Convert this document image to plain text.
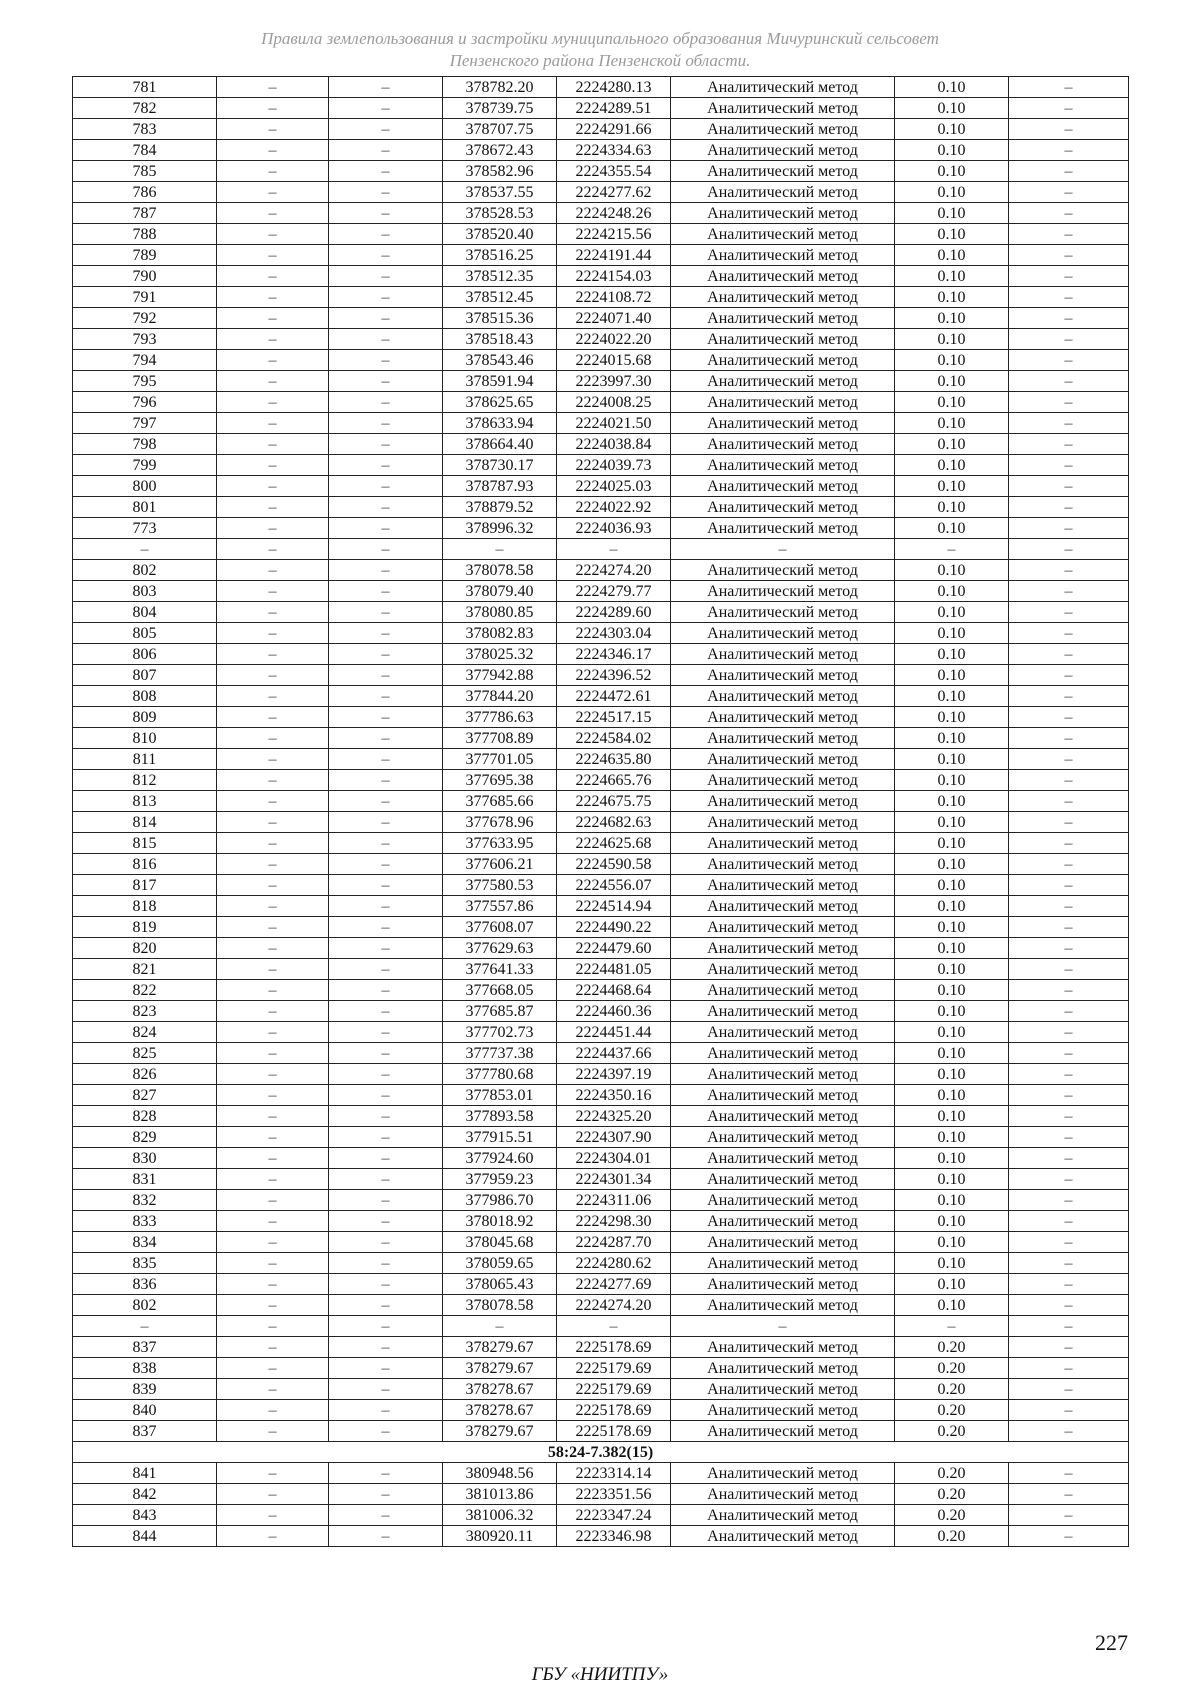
Правила землепользования и застройки муниципального образования Мичуринский сельсовет
Пензенского района Пензенской области.
781	–	–	378782.20	2224280.13	Аналитический метод	0.10	–
782	–	–	378739.75	2224289.51	Аналитический метод	0.10	–
783	–	–	378707.75	2224291.66	Аналитический метод	0.10	–
784	–	–	378672.43	2224334.63	Аналитический метод	0.10	–
785	–	–	378582.96	2224355.54	Аналитический метод	0.10	–
786	–	–	378537.55	2224277.62	Аналитический метод	0.10	–
787	–	–	378528.53	2224248.26	Аналитический метод	0.10	–
788	–	–	378520.40	2224215.56	Аналитический метод	0.10	–
789	–	–	378516.25	2224191.44	Аналитический метод	0.10	–
790	–	–	378512.35	2224154.03	Аналитический метод	0.10	–
791	–	–	378512.45	2224108.72	Аналитический метод	0.10	–
792	–	–	378515.36	2224071.40	Аналитический метод	0.10	–
793	–	–	378518.43	2224022.20	Аналитический метод	0.10	–
794	–	–	378543.46	2224015.68	Аналитический метод	0.10	–
795	–	–	378591.94	2223997.30	Аналитический метод	0.10	–
796	–	–	378625.65	2224008.25	Аналитический метод	0.10	–
797	–	–	378633.94	2224021.50	Аналитический метод	0.10	–
798	–	–	378664.40	2224038.84	Аналитический метод	0.10	–
799	–	–	378730.17	2224039.73	Аналитический метод	0.10	–
800	–	–	378787.93	2224025.03	Аналитический метод	0.10	–
801	–	–	378879.52	2224022.92	Аналитический метод	0.10	–
773	–	–	378996.32	2224036.93	Аналитический метод	0.10	–
–	–	–	–	–	–	–	–
802	–	–	378078.58	2224274.20	Аналитический метод	0.10	–
803	–	–	378079.40	2224279.77	Аналитический метод	0.10	–
804	–	–	378080.85	2224289.60	Аналитический метод	0.10	–
805	–	–	378082.83	2224303.04	Аналитический метод	0.10	–
806	–	–	378025.32	2224346.17	Аналитический метод	0.10	–
807	–	–	377942.88	2224396.52	Аналитический метод	0.10	–
808	–	–	377844.20	2224472.61	Аналитический метод	0.10	–
809	–	–	377786.63	2224517.15	Аналитический метод	0.10	–
810	–	–	377708.89	2224584.02	Аналитический метод	0.10	–
811	–	–	377701.05	2224635.80	Аналитический метод	0.10	–
812	–	–	377695.38	2224665.76	Аналитический метод	0.10	–
813	–	–	377685.66	2224675.75	Аналитический метод	0.10	–
814	–	–	377678.96	2224682.63	Аналитический метод	0.10	–
815	–	–	377633.95	2224625.68	Аналитический метод	0.10	–
816	–	–	377606.21	2224590.58	Аналитический метод	0.10	–
817	–	–	377580.53	2224556.07	Аналитический метод	0.10	–
818	–	–	377557.86	2224514.94	Аналитический метод	0.10	–
819	–	–	377608.07	2224490.22	Аналитический метод	0.10	–
820	–	–	377629.63	2224479.60	Аналитический метод	0.10	–
821	–	–	377641.33	2224481.05	Аналитический метод	0.10	–
822	–	–	377668.05	2224468.64	Аналитический метод	0.10	–
823	–	–	377685.87	2224460.36	Аналитический метод	0.10	–
824	–	–	377702.73	2224451.44	Аналитический метод	0.10	–
825	–	–	377737.38	2224437.66	Аналитический метод	0.10	–
826	–	–	377780.68	2224397.19	Аналитический метод	0.10	–
827	–	–	377853.01	2224350.16	Аналитический метод	0.10	–
828	–	–	377893.58	2224325.20	Аналитический метод	0.10	–
829	–	–	377915.51	2224307.90	Аналитический метод	0.10	–
830	–	–	377924.60	2224304.01	Аналитический метод	0.10	–
831	–	–	377959.23	2224301.34	Аналитический метод	0.10	–
832	–	–	377986.70	2224311.06	Аналитический метод	0.10	–
833	–	–	378018.92	2224298.30	Аналитический метод	0.10	–
834	–	–	378045.68	2224287.70	Аналитический метод	0.10	–
835	–	–	378059.65	2224280.62	Аналитический метод	0.10	–
836	–	–	378065.43	2224277.69	Аналитический метод	0.10	–
802	–	–	378078.58	2224274.20	Аналитический метод	0.10	–
–	–	–	–	–	–	–	–
837	–	–	378279.67	2225178.69	Аналитический метод	0.20	–
838	–	–	378279.67	2225179.69	Аналитический метод	0.20	–
839	–	–	378278.67	2225179.69	Аналитический метод	0.20	–
840	–	–	378278.67	2225178.69	Аналитический метод	0.20	–
837	–	–	378279.67	2225178.69	Аналитический метод	0.20	–
58:24-7.382(15)							
841	–	–	380948.56	2223314.14	Аналитический метод	0.20	–
842	–	–	381013.86	2223351.56	Аналитический метод	0.20	–
843	–	–	381006.32	2223347.24	Аналитический метод	0.20	–
844	–	–	380920.11	2223346.98	Аналитический метод	0.20	–
227
ГБУ «НИИТПУ»
